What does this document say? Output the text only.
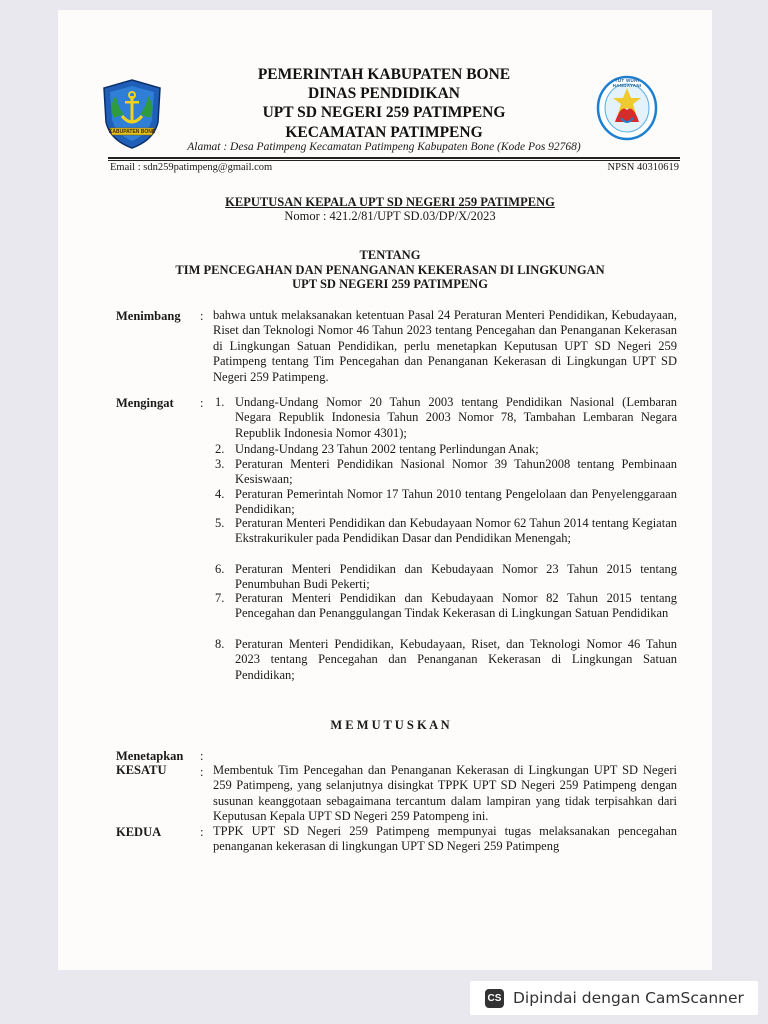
KABUPATEN BONE
TUT WURI HANDAYANI
PEMERINTAH KABUPATEN BONE
DINAS PENDIDIKAN
UPT SD NEGERI 259 PATIMPENG
KECAMATAN PATIMPENG
Alamat : Desa Patimpeng Kecamatan Patimpeng Kabupaten Bone (Kode Pos 92768)
Email : sdn259patimpeng@gmail.com	NPSN 40310619
KEPUTUSAN KEPALA UPT SD NEGERI 259 PATIMPENG
Nomor : 421.2/81/UPT SD.03/DP/X/2023
TENTANG
TIM PENCEGAHAN DAN PENANGANAN KEKERASAN DI LINGKUNGAN
UPT SD NEGERI 259 PATIMPENG
Menimbang : bahwa untuk melaksanakan ketentuan Pasal 24 Peraturan Menteri Pendidikan, Kebudayaan, Riset dan Teknologi Nomor 46 Tahun 2023 tentang Pencegahan dan Penanganan Kekerasan di Lingkungan Satuan Pendidikan, perlu menetapkan Keputusan UPT SD Negeri 259 Patimpeng tentang Tim Pencegahan dan Penanganan Kekerasan di Lingkungan UPT SD Negeri 259 Patimpeng.
Mengingat : 1. Undang-Undang Nomor 20 Tahun 2003 tentang Pendidikan Nasional (Lembaran Negara Republik Indonesia Tahun 2003 Nomor 78, Tambahan Lembaran Negara Republik Indonesia Nomor 4301);
2. Undang-Undang 23 Tahun 2002 tentang Perlindungan Anak;
3. Peraturan Menteri Pendidikan Nasional Nomor 39 Tahun2008 tentang Pembinaan Kesiswaan;
4. Peraturan Pemerintah Nomor 17 Tahun 2010 tentang Pengelolaan dan Penyelenggaraan Pendidikan;
5. Peraturan Menteri Pendidikan dan Kebudayaan Nomor 62 Tahun 2014 tentang Kegiatan Ekstrakurikuler pada Pendidikan Dasar dan Pendidikan Menengah;
6. Peraturan Menteri Pendidikan dan Kebudayaan Nomor 23 Tahun 2015 tentang Penumbuhan Budi Pekerti;
7. Peraturan Menteri Pendidikan dan Kebudayaan Nomor 82 Tahun 2015 tentang Pencegahan dan Penanggulangan Tindak Kekerasan di Lingkungan Satuan Pendidikan
8. Peraturan Menteri Pendidikan, Kebudayaan, Riset, dan Teknologi Nomor 46 Tahun 2023 tentang Pencegahan dan Penanganan Kekerasan di Lingkungan Satuan Pendidikan;
M E M U T U S K A N
Menetapkan :
KESATU	: Membentuk Tim Pencegahan dan Penanganan Kekerasan di Lingkungan UPT SD Negeri 259 Patimpeng, yang selanjutnya disingkat TPPK UPT SD Negeri 259 Patimpeng dengan susunan keanggotaan sebagaimana tercantum dalam lampiran yang tidak terpisahkan dari Keputusan Kepala UPT SD Negeri 259 Patompeng ini.
KEDUA	: TPPK UPT SD Negeri 259 Patimpeng mempunyai tugas melaksanakan pencegahan penanganan kekerasan di lingkungan UPT SD Negeri 259 Patimpeng
CS Dipindai dengan CamScanner
